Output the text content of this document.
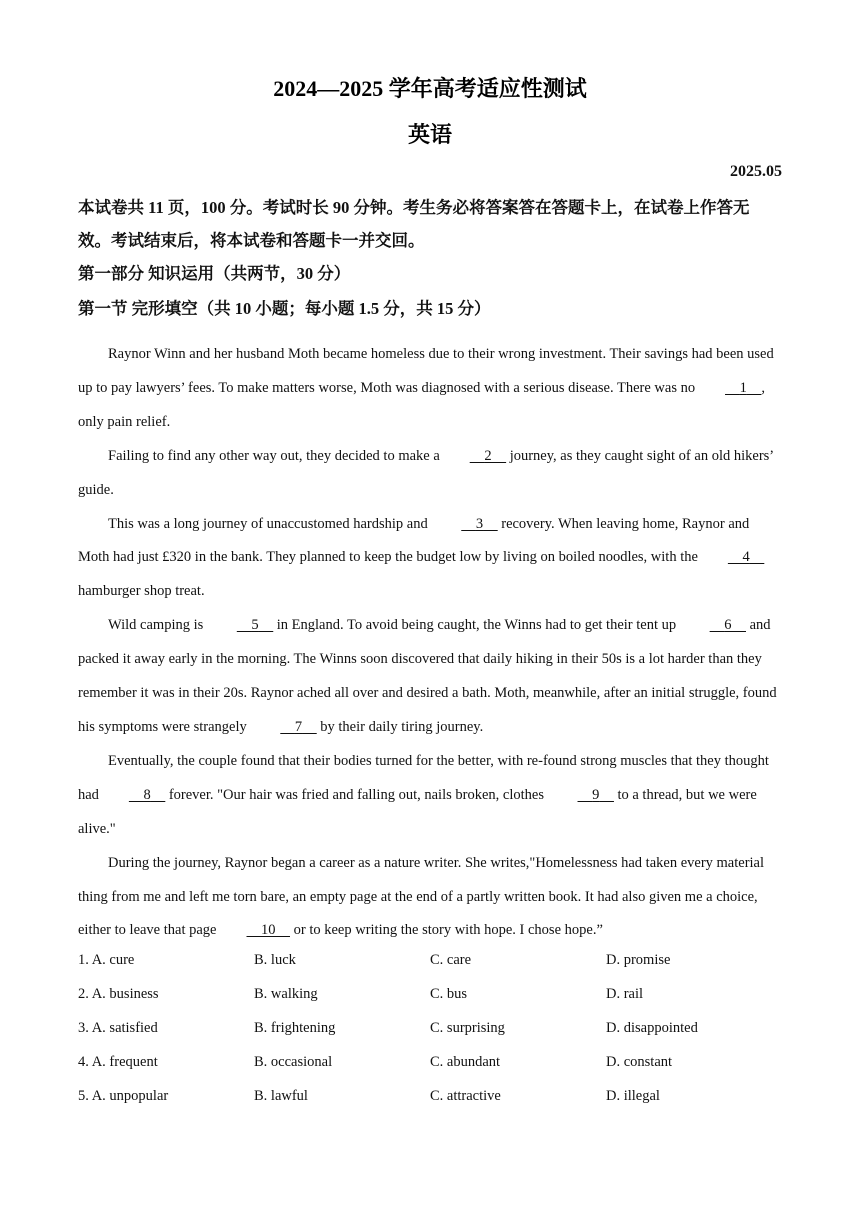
2024—2025 学年高考适应性测试
英语
2025.05
本试卷共 11 页，100 分。考试时长 90 分钟。考生务必将答案答在答题卡上，在试卷上作答无
效。考试结束后，将本试卷和答题卡一并交回。
第一部分 知识运用（共两节，30 分）
第一节 完形填空（共 10 小题；每小题 1.5 分，共 15 分）

Raynor Winn and her husband Moth became homeless due to their wrong investment. Their savings had been used up to pay lawyers’ fees. To make matters worse, Moth was diagnosed with a serious disease. There was no	1 , only pain relief.

Failing to find any other way out, they decided to make a	2 journey, as they caught sight of an old hikers’ guide.

This was a long journey of unaccustomed hardship and	3 recovery. When leaving home, Raynor and Moth had just £320 in the bank. They planned to keep the budget low by living on boiled noodles, with the	4 hamburger shop treat.

Wild camping is	5 in England. To avoid being caught, the Winns had to get their tent up	6 and packed it away early in the morning. The Winns soon discovered that daily hiking in their 50s is a lot harder than they remember it was in their 20s. Raynor ached all over and desired a bath. Moth, meanwhile, after an initial struggle, found his symptoms were strangely	7 by their daily tiring journey.

Eventually, the couple found that their bodies turned for the better, with re-found strong muscles that they thought had	8 forever. "Our hair was fried and falling out, nails broken, clothes	9 to a thread, but we were alive."

During the journey, Raynor began a career as a nature writer. She writes,"Homelessness had taken every material thing from me and left me torn bare, an empty page at the end of a partly written book. It had also given me a choice, either to leave that page	10 or to keep writing the story with hope. I chose hope.”

1. A. cure	B. luck	C. care	D. promise
2. A. business	B. walking	C. bus	D. rail
3. A. satisfied	B. frightening	C. surprising	D. disappointed
4. A. frequent	B. occasional	C. abundant	D. constant
5. A. unpopular	B. lawful	C. attractive	D. illegal
